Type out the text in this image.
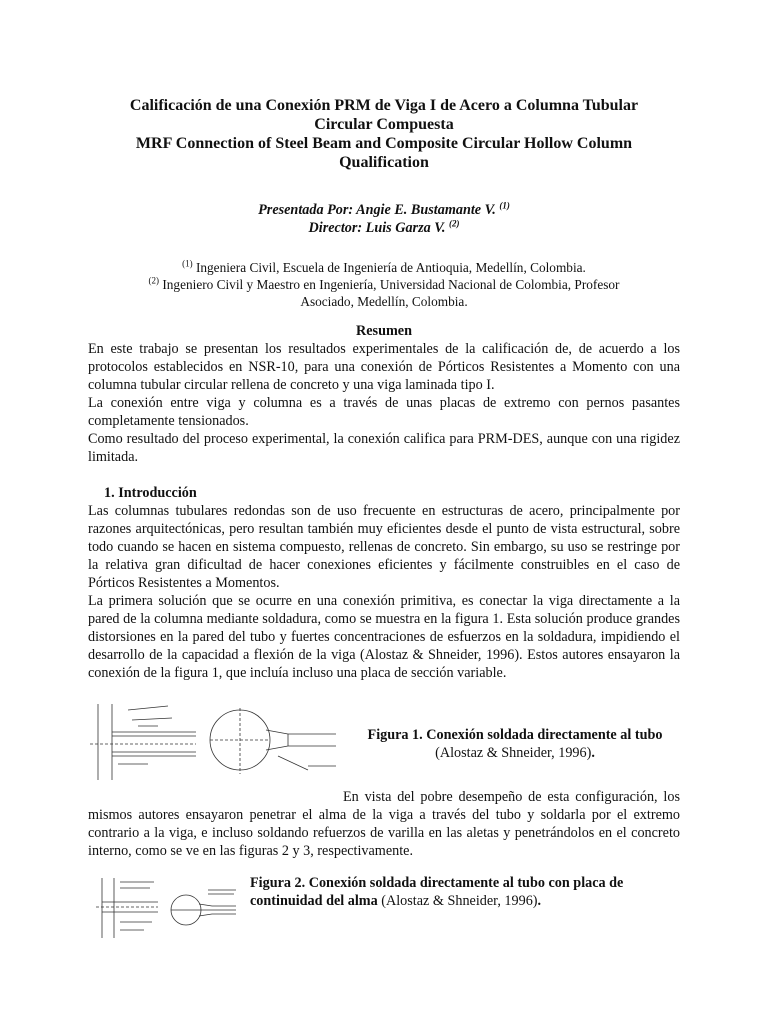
Calificación de una Conexión PRM de Viga I de Acero a Columna Tubular
Circular Compuesta
MRF Connection of Steel Beam and Composite Circular Hollow Column
Qualification
Presentada Por: Angie E. Bustamante V. $^{(1)}$
Director: Luis Garza V. $^{(2)}$
$^{(1)}$ Ingeniera Civil, Escuela de Ingeniería de Antioquia, Medellín, Colombia.
$^{(2)}$ Ingeniero Civil y Maestro en Ingeniería, Universidad Nacional de Colombia, Profesor
Asociado, Medellín, Colombia.
Resumen

En este trabajo se presentan los resultados experimentales de la calificación de, de acuerdo a los protocolos establecidos en NSR-10, para una conexión de Pórticos Resistentes a Momento con una columna tubular circular rellena de concreto y una viga laminada tipo I.

La conexión entre viga y columna es a través de unas placas de extremo con pernos pasantes completamente tensionados.

Como resultado del proceso experimental, la conexión califica para PRM-DES, aunque con una rigidez limitada.

1. Introducción

Las columnas tubulares redondas son de uso frecuente en estructuras de acero, principalmente por razones arquitectónicas, pero resultan también muy eficientes desde el punto de vista estructural, sobre todo cuando se hacen en sistema compuesto, rellenas de concreto. Sin embargo, su uso se restringe por la relativa gran dificultad de hacer conexiones eficientes y fácilmente construibles en el caso de Pórticos Resistentes a Momentos.

La primera solución que se ocurre en una conexión primitiva, es conectar la viga directamente a la pared de la columna mediante soldadura, como se muestra en la figura 1. Esta solución produce grandes distorsiones en la pared del tubo y fuertes concentraciones de esfuerzos en la soldadura, impidiendo el desarrollo de la capacidad a flexión de la viga (Alostaz & Shneider, 1996). Estos autores ensayaron la conexión de la figura 1, que incluía incluso una placa de sección variable.

Figura 1. Conexión soldada directamente al tubo
(Alostaz & Shneider, 1996).

En vista del pobre desempeño de esta configuración, los mismos autores ensayaron penetrar el alma de la viga a través del tubo y soldarla por el extremo contrario a la viga, e incluso soldando refuerzos de varilla en las aletas y penetrándolos en el concreto interno, como se ve en las figuras 2 y 3, respectivamente.

Figura 2. Conexión soldada directamente al tubo con placa de
continuidad del alma (Alostaz & Shneider, 1996).
